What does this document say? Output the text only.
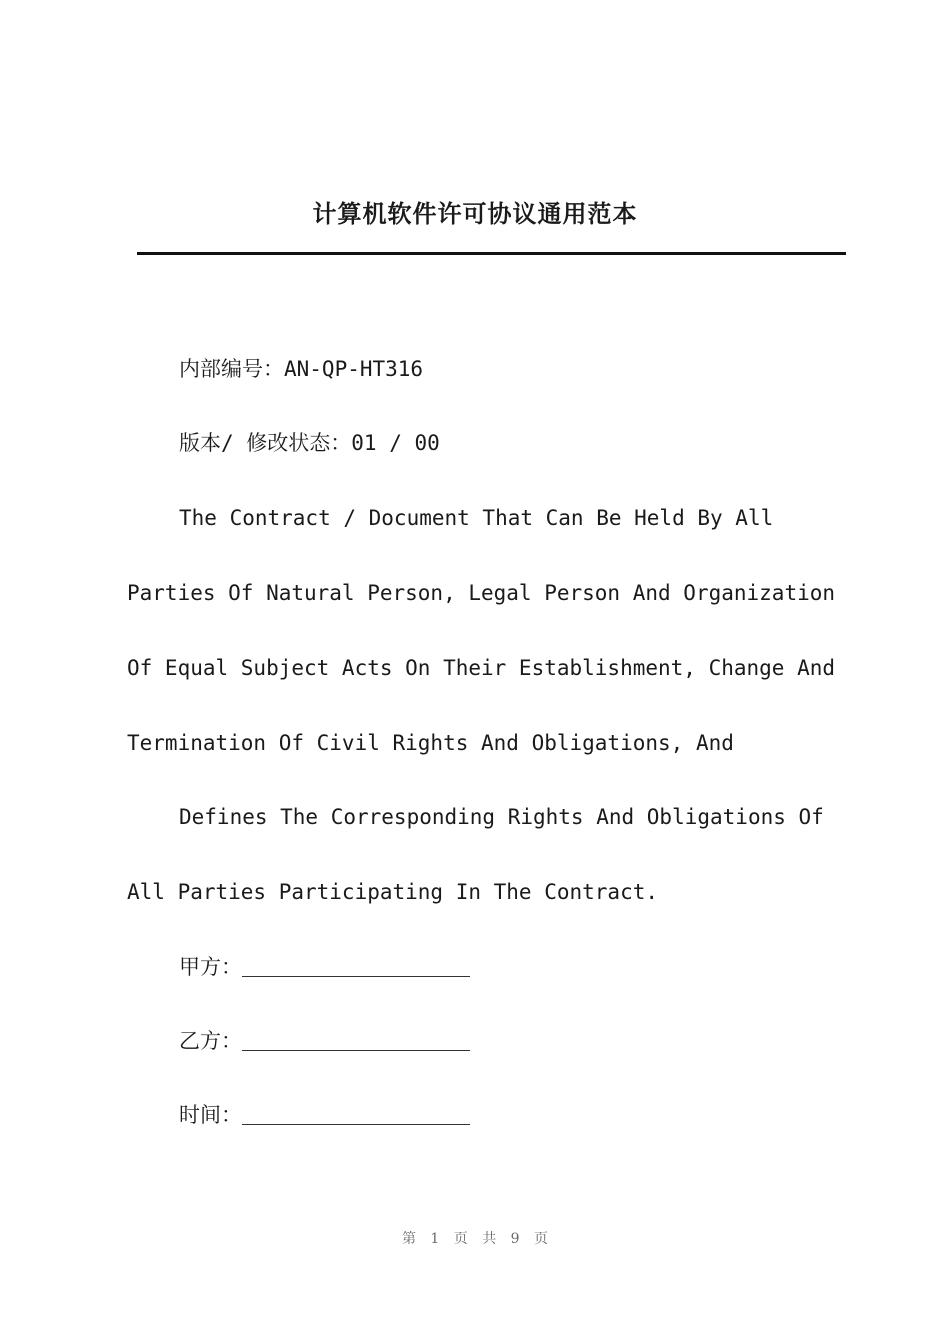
计算机软件许可协议通用范本

内部编号：AN-QP-HT316

版本/ 修改状态：01 / 00

The Contract / Document That Can Be Held By All

Parties Of Natural Person, Legal Person And Organization

Of Equal Subject Acts On Their Establishment, Change And

Termination Of Civil Rights And Obligations, And

Defines The Corresponding Rights And Obligations Of

All Parties Participating In The Contract.

甲方：

乙方：

时间：

第 1 页 共 9 页
